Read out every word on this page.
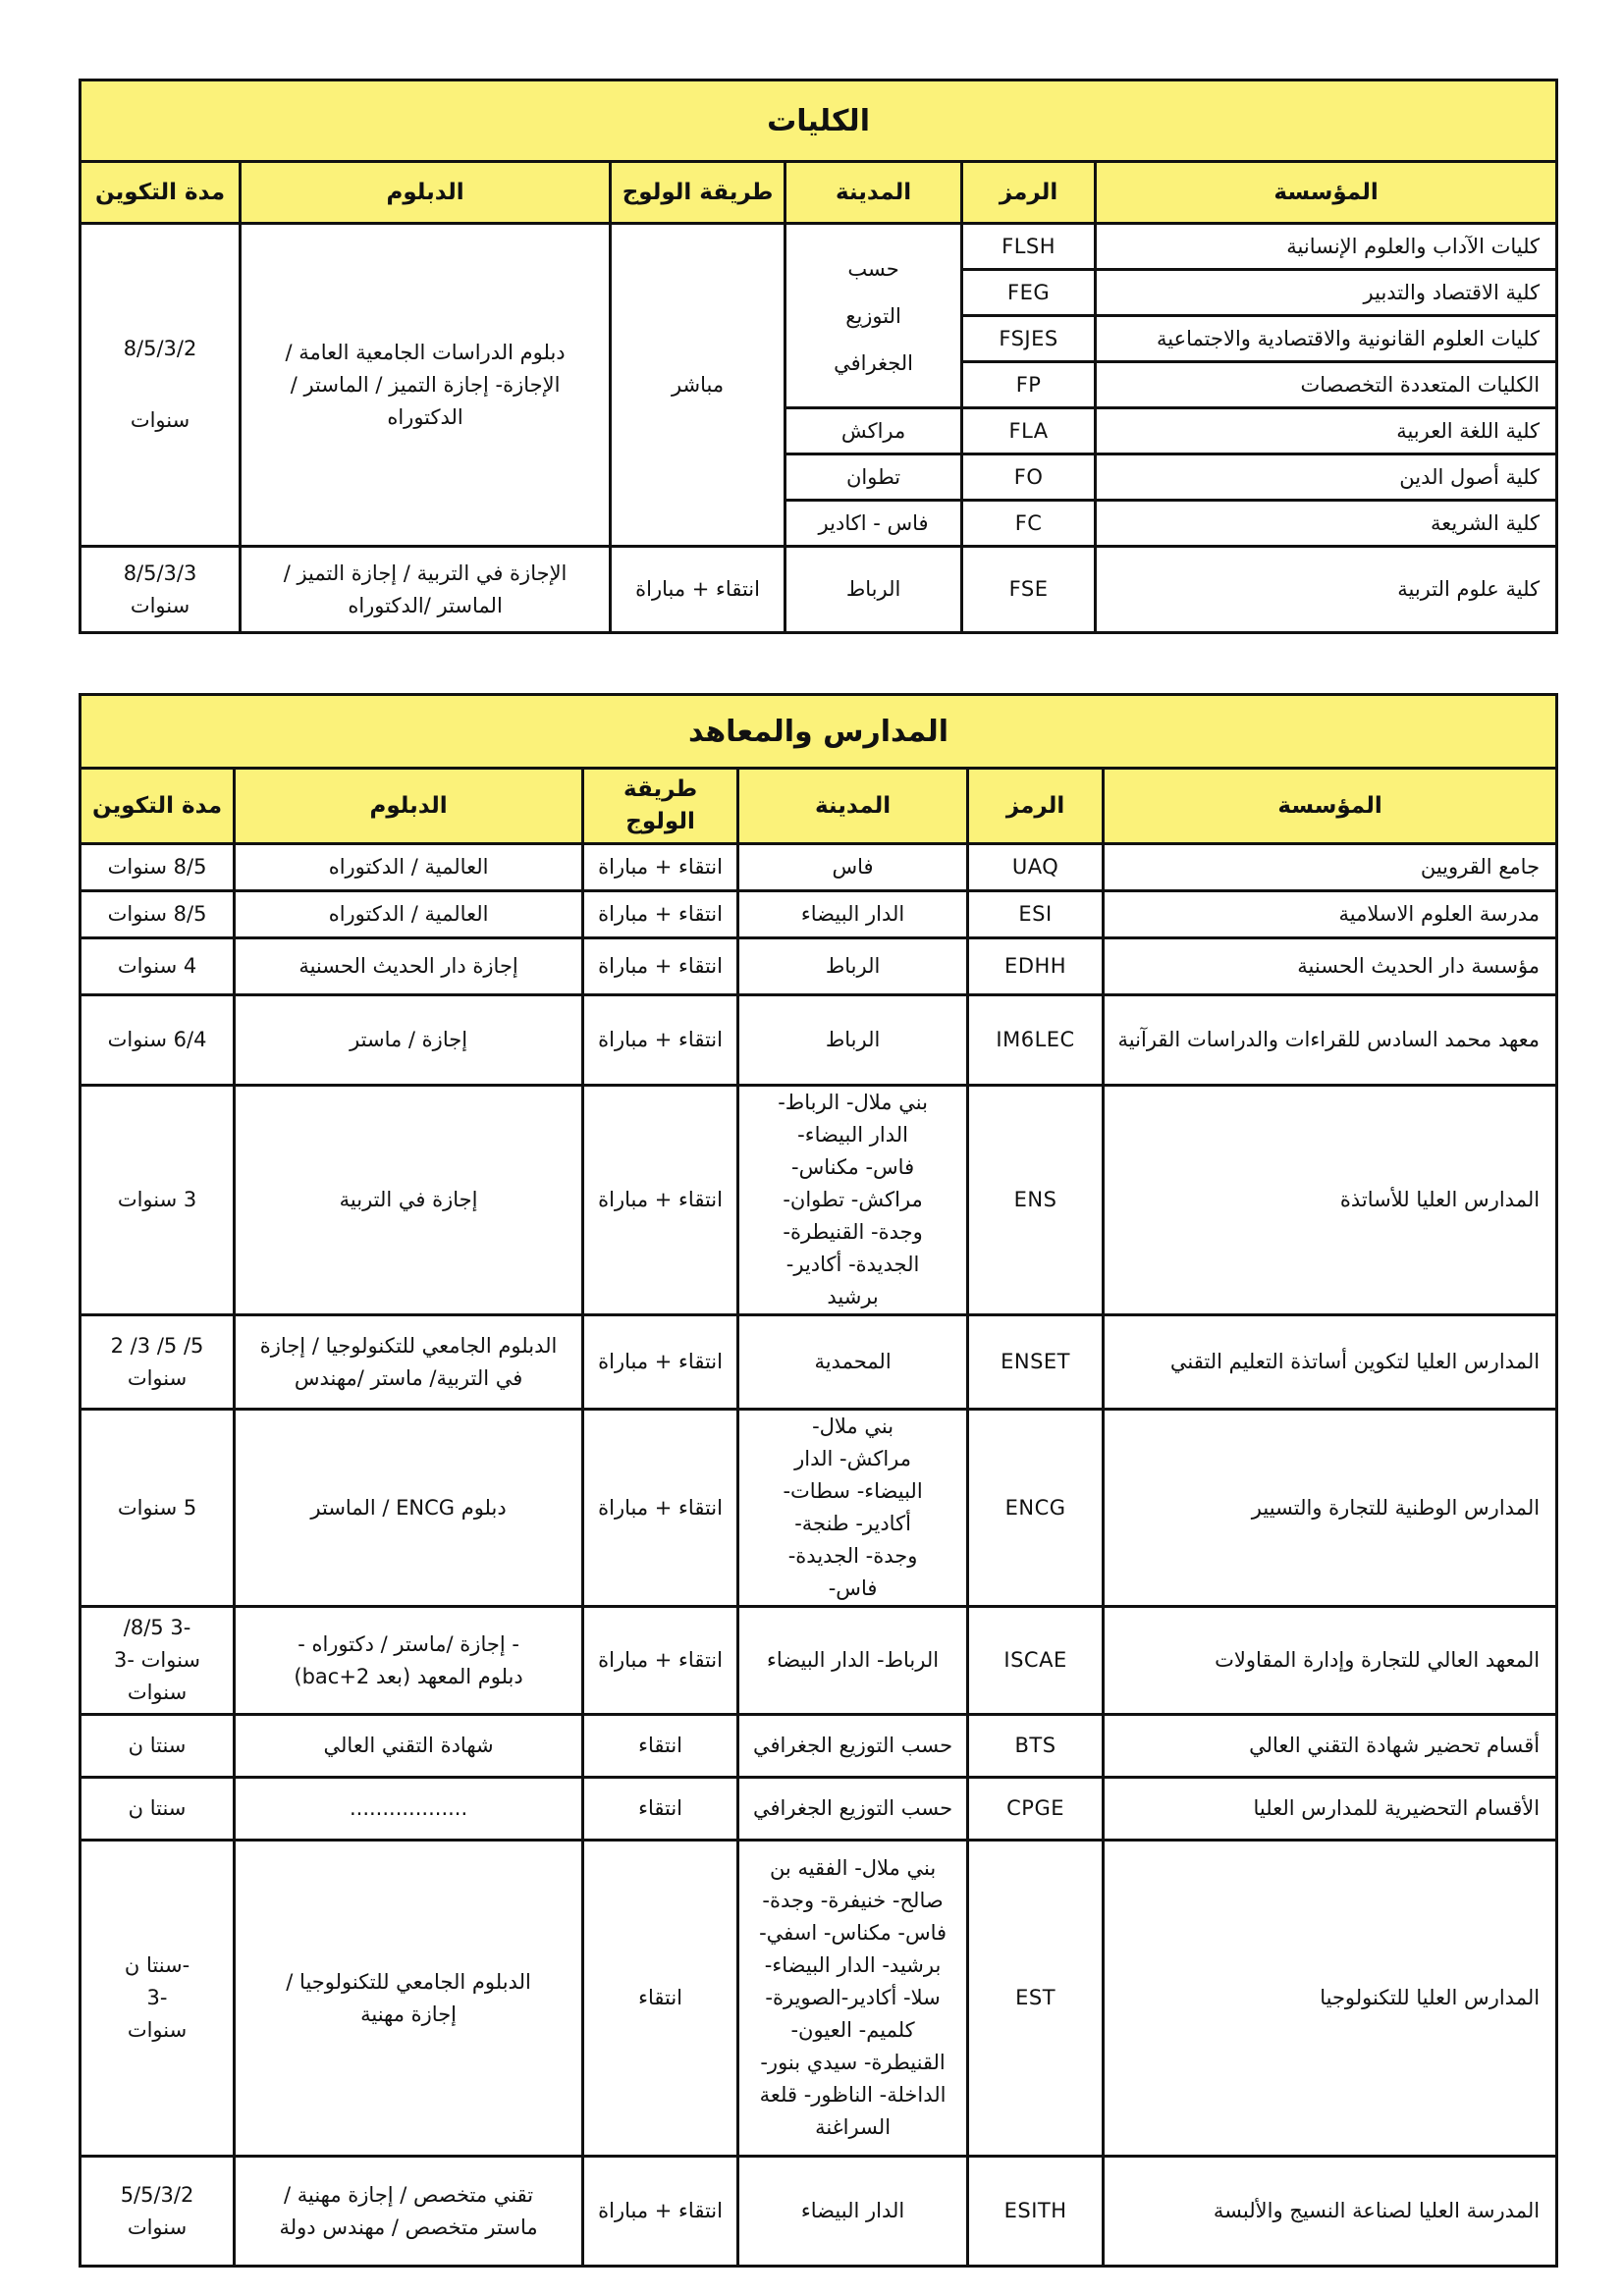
الكليات					
المؤسسة	الرمز	المدينة	طريقة الولوج	الدبلوم	مدة التكوين
كليات الآداب والعلوم الإنسانية	FLSH	حسب التوزيع الجغرافي	مباشر	دبلوم الدراسات الجامعية العامة / الإجازة- إجازة التميز / الماستر / الدكتوراه	8/5/3/2
سنوات

كلية الاقتصاد والتدبير	FEG				
كليات العلوم القانونية والاقتصادية والاجتماعية	FSJES				
الكليات المتعددة التخصصات	FP				
كلية اللغة العربية	FLA	مراكش			
كلية أصول الدين	FO	تطوان			
كلية الشريعة	FC	فاس - اكادير			
كلية علوم التربية	FSE	الرباط	انتقاء + مباراة	الإجازة في التربية / إجازة التميز / الماستر /الدكتوراه	8/5/3/3
سنوات
المدارس والمعاهد					
المؤسسة	الرمز	المدينة	طريقة الولوج	الدبلوم	مدة التكوين
جامع القرويين	UAQ	فاس	انتقاء + مباراة	العالمية / الدكتوراه	8/5 سنوات
مدرسة العلوم الاسلامية	ESI	الدار البيضاء	انتقاء + مباراة	العالمية / الدكتوراه	8/5 سنوات
مؤسسة دار الحديث الحسنية	EDHH	الرباط	انتقاء + مباراة	إجازة دار الحديث الحسنية	4 سنوات
معهد محمد السادس للقراءات والدراسات القرآنية	IM6LEC	الرباط	انتقاء + مباراة	إجازة / ماستر	6/4 سنوات
المدارس العليا للأساتذة	ENS	بني ملال- الرباط- الدار البيضاء- فاس- مكناس- مراكش- تطوان- وجدة- القنيطرة- الجديدة- أكادير- برشيد	انتقاء + مباراة	إجازة في التربية	3 سنوات
المدارس العليا لتكوين أساتذة التعليم التقني	ENSET	المحمدية	انتقاء + مباراة	الدبلوم الجامعي للتكنولوجيا / إجازة في التربية/ ماستر /مهندس	5/ 5/ 3/ 2 سنوات
المدارس الوطنية للتجارة والتسيير	ENCG	بني ملال- مراكش- الدار البيضاء- سطات- أكادير- طنجة- وجدة- الجديدة- فاس-	انتقاء + مباراة	دبلوم ENCG / الماستر	5 سنوات
المعهد العالي للتجارة وإدارة المقاولات	ISCAE	الرباط- الدار البيضاء	انتقاء + مباراة	- إجازة /ماستر / دكتوراه - دبلوم المعهد (بعد bac+2)	-3 8/5/ سنوات -3 سنوات
أقسام تحضير شهادة التقني العالي	BTS	حسب التوزيع الجغرافي	انتقاء	شهادة التقني العالي	سنتا ن
الأقسام التحضيرية للمدارس العليا	CPGE	حسب التوزيع الجغرافي	انتقاء	..................	سنتا ن
المدارس العليا للتكنولوجيا	EST	بني ملال- الفقيه بن صالح- خنيفرة- وجدة- فاس- مكناس- اسفي- برشيد- الدار البيضاء- سلا- أكادير-الصويرة- كلميم- العيون- القنيطرة- سيدي بنور- الداخلة- الناظور- قلعة السراغنة	انتقاء	الدبلوم الجامعي للتكنولوجيا / إجازة مهنية	-سنتا ن -3 سنوات
المدرسة العليا لصناعة النسيج والألبسة	ESITH	الدار البيضاء	انتقاء + مباراة	تقني متخصص / إجازة مهنية / ماستر متخصص / مهندس دولة	5/5/3/2 سنوات
